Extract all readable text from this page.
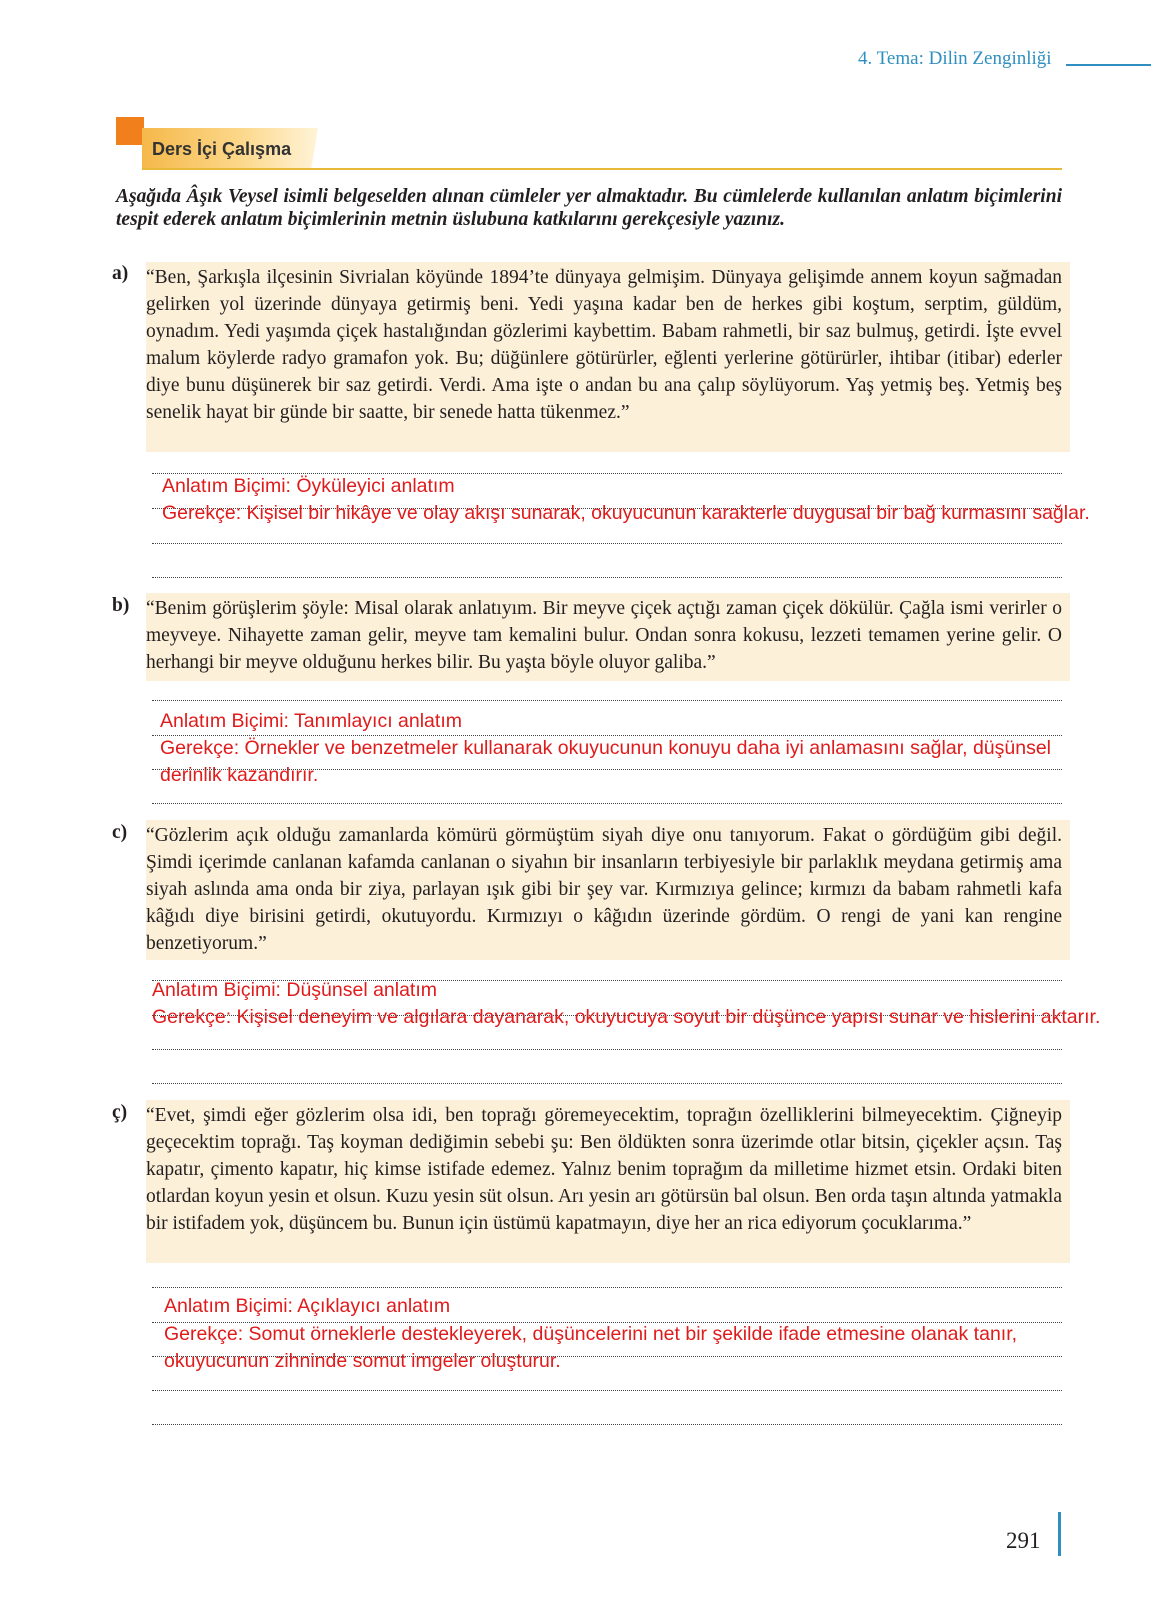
4. Tema: Dilin Zenginliği
Ders İçi Çalışma
Aşağıda Âşık Veysel isimli belgeselden alınan cümleler yer almaktadır. Bu cümlelerde kullanılan anlatım biçimlerini tespit ederek anlatım biçimlerinin metnin üslubuna katkılarını gerekçesiyle yazınız.
a) “Ben, Şarkışla ilçesinin Sivrialan köyünde 1894’te dünyaya gelmişim. Dünyaya gelişimde annem koyun sağmadan gelirken yol üzerinde dünyaya getirmiş beni. Yedi yaşına kadar ben de herkes gibi koştum, serptim, güldüm, oynadım. Yedi yaşımda çiçek hastalığından gözlerimi kaybettim. Babam rahmetli, bir saz bulmuş, getirdi. İşte evvel malum köylerde radyo gramafon yok. Bu; düğünlere götürürler, eğlenti yerlerine götürürler, ihtibar (itibar) ederler diye bunu düşünerek bir saz getirdi. Verdi. Ama işte o andan bu ana çalıp söylüyorum. Yaş yetmiş beş. Yetmiş beş senelik hayat bir günde bir saatte, bir senede hatta tükenmez.”
Anlatım Biçimi: Öyküleyici anlatım
Gerekçe: Kişisel bir hikâye ve olay akışı sunarak, okuyucunun karakterle duygusal bir bağ kurmasını sağlar.
b) “Benim görüşlerim şöyle: Misal olarak anlatıyım. Bir meyve çiçek açtığı zaman çiçek dökülür. Çağla ismi verirler o meyveye. Nihayette zaman gelir, meyve tam kemalini bulur. Ondan sonra kokusu, lezzeti temamen yerine gelir. O herhangi bir meyve olduğunu herkes bilir. Bu yaşta böyle oluyor galiba.”
Anlatım Biçimi: Tanımlayıcı anlatım
Gerekçe: Örnekler ve benzetmeler kullanarak okuyucunun konuyu daha iyi anlamasını sağlar, düşünsel derinlik kazandırır.
c) “Gözlerim açık olduğu zamanlarda kömürü görmüştüm siyah diye onu tanıyorum. Fakat o gördüğüm gibi değil. Şimdi içerimde canlanan kafamda canlanan o siyahın bir insanların terbiyesiyle bir parlaklık meydana getirmiş ama siyah aslında ama onda bir ziya, parlayan ışık gibi bir şey var. Kırmızıya gelince; kırmızı da babam rahmetli kafa kâğıdı diye birisini getirdi, okutuyordu. Kırmızıyı o kâğıdın üzerinde gördüm. O rengi de yani kan rengine benzetiyorum.”
Anlatım Biçimi: Düşünsel anlatım
Gerekçe: Kişisel deneyim ve algılara dayanarak, okuyucuya soyut bir düşünce yapısı sunar ve hislerini aktarır.
ç) “Evet, şimdi eğer gözlerim olsa idi, ben toprağı göremeyecektim, toprağın özelliklerini bilmeyecektim. Çiğneyip geçecektim toprağı. Taş koyman dediğimin sebebi şu: Ben öldükten sonra üzerimde otlar bitsin, çiçekler açsın. Taş kapatır, çimento kapatır, hiç kimse istifade edemez. Yalnız benim toprağım da milletime hizmet etsin. Ordaki biten otlardan koyun yesin et olsun. Kuzu yesin süt olsun. Arı yesin arı götürsün bal olsun. Ben orda taşın altında yatmakla bir istifadem yok, düşüncem bu. Bunun için üstümü kapatmayın, diye her an rica ediyorum çocuklarıma.”
Anlatım Biçimi: Açıklayıcı anlatım
Gerekçe: Somut örneklerle destekleyerek, düşüncelerini net bir şekilde ifade etmesine olanak tanır, okuyucunun zihninde somut imgeler oluşturur.
291
